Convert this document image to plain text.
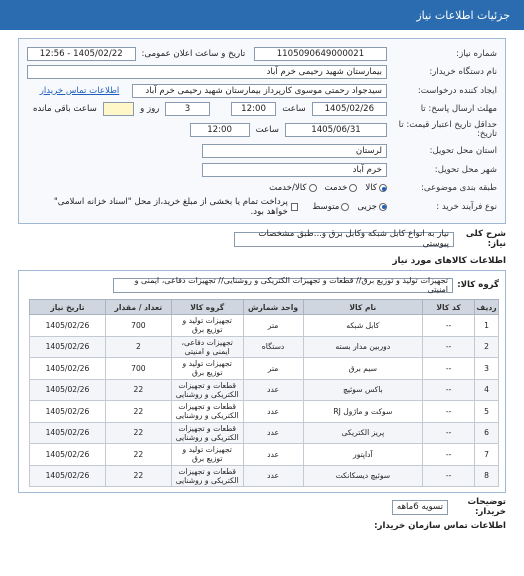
جزئیات اطلاعات نیاز
شماره نیاز:
1105090649000021
تاریخ و ساعت اعلان عمومی:
1405/02/22 - 12:56
نام دستگاه خریدار:
بیمارستان شهید رحیمی خرم آباد
ایجاد کننده درخواست:
سیدجواد رحمتی موسوی کارپرداز بیمارستان شهید رحیمی خرم آباد
اطلاعات تماس خریدار
مهلت ارسال پاسخ: تا
1405/02/26
ساعت
12:00
3
روز و
ساعت باقی مانده
حداقل تاریخ اعتبار قیمت: تا تاریخ:
1405/06/31
ساعت
12:00
استان محل تحویل:
لرستان
شهر محل تحویل:
خرم آباد
طبقه بندی موضوعی:
کالا
خدمت
کالا/خدمت
نوع فرآیند خرید :
جزیی
متوسط
پرداخت تمام یا بخشی از مبلغ خرید،از محل "اسناد خزانه اسلامی" خواهد بود.
شرح کلی نیاز:
نیاز به انواع کابل شبکه وکابل برق و...طبق مشخصات پیوستی
اطلاعات کالاهای مورد نیاز
گروه کالا:
تجهیزات تولید و توزیع برق// قطعات و تجهیزات الکتریکی و روشنایی// تجهیزات دفاعی، ایمنی و امنیتی
ردیف	کد کالا	نام کالا	واحد شمارش	گروه کالا	تعداد / مقدار	تاریخ نیاز
1	--	کابل شبکه	متر	تجهیزات تولید و توزیع برق	700	1405/02/26
2	--	دوربین مدار بسته	دستگاه	تجهیزات دفاعی، ایمنی و امنیتی	2	1405/02/26
3	--	سیم برق	متر	تجهیزات تولید و توزیع برق	700	1405/02/26
4	--	باکس سوئیچ	عدد	قطعات و تجهیزات الکتریکی و روشنایی	22	1405/02/26
5	--	سوکت و ماژول RJ	عدد	قطعات و تجهیزات الکتریکی و روشنایی	22	1405/02/26
6	--	پریز الکتریکی	عدد	قطعات و تجهیزات الکتریکی و روشنایی	22	1405/02/26
7	--	آداپتور	عدد	تجهیزات تولید و توزیع برق	22	1405/02/26
8	--	سوئیچ دیسکانکت	عدد	قطعات و تجهیزات الکتریکی و روشنایی	22	1405/02/26
توضیحات خریدار:
تسویه 6ماهه
اطلاعات تماس سازمان خریدار:
